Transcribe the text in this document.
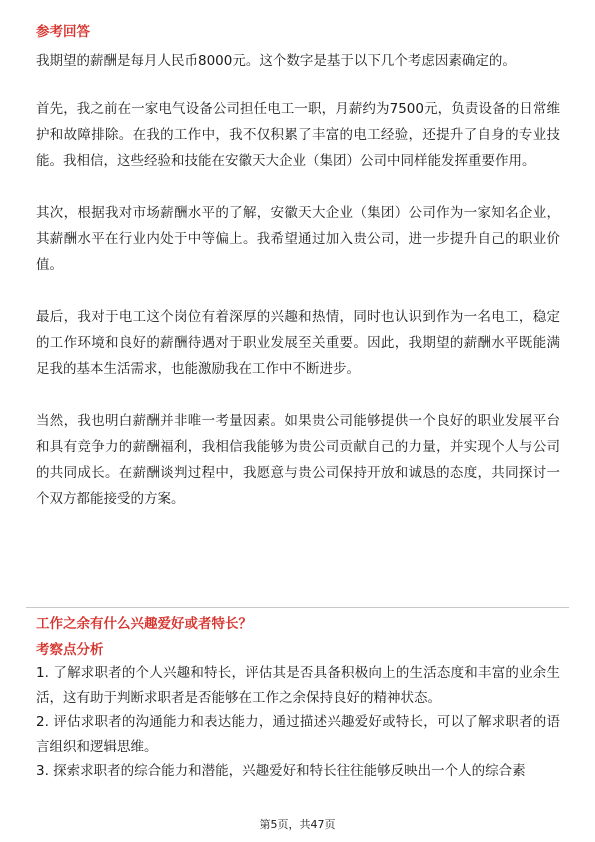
参考回答

我期望的薪酬是每月人民币8000元。这个数字是基于以下几个考虑因素确定的。

首先，我之前在一家电气设备公司担任电工一职，月薪约为7500元，负责设备的日常维护和故障排除。在我的工作中，我不仅积累了丰富的电工经验，还提升了自身的专业技能。我相信，这些经验和技能在安徽天大企业（集团）公司中同样能发挥重要作用。

其次，根据我对市场薪酬水平的了解，安徽天大企业（集团）公司作为一家知名企业，其薪酬水平在行业内处于中等偏上。我希望通过加入贵公司，进一步提升自己的职业价值。

最后，我对于电工这个岗位有着深厚的兴趣和热情，同时也认识到作为一名电工，稳定的工作环境和良好的薪酬待遇对于职业发展至关重要。因此，我期望的薪酬水平既能满足我的基本生活需求，也能激励我在工作中不断进步。

当然，我也明白薪酬并非唯一考量因素。如果贵公司能够提供一个良好的职业发展平台和具有竞争力的薪酬福利，我相信我能够为贵公司贡献自己的力量，并实现个人与公司的共同成长。在薪酬谈判过程中，我愿意与贵公司保持开放和诚恳的态度，共同探讨一个双方都能接受的方案。

工作之余有什么兴趣爱好或者特长？
考察点分析

1. 了解求职者的个人兴趣和特长，评估其是否具备积极向上的生活态度和丰富的业余生活，这有助于判断求职者是否能够在工作之余保持良好的精神状态。

2. 评估求职者的沟通能力和表达能力，通过描述兴趣爱好或特长，可以了解求职者的语言组织和逻辑思维。

3. 探索求职者的综合能力和潜能，兴趣爱好和特长往往能够反映出一个人的综合素

第5页，共47页
